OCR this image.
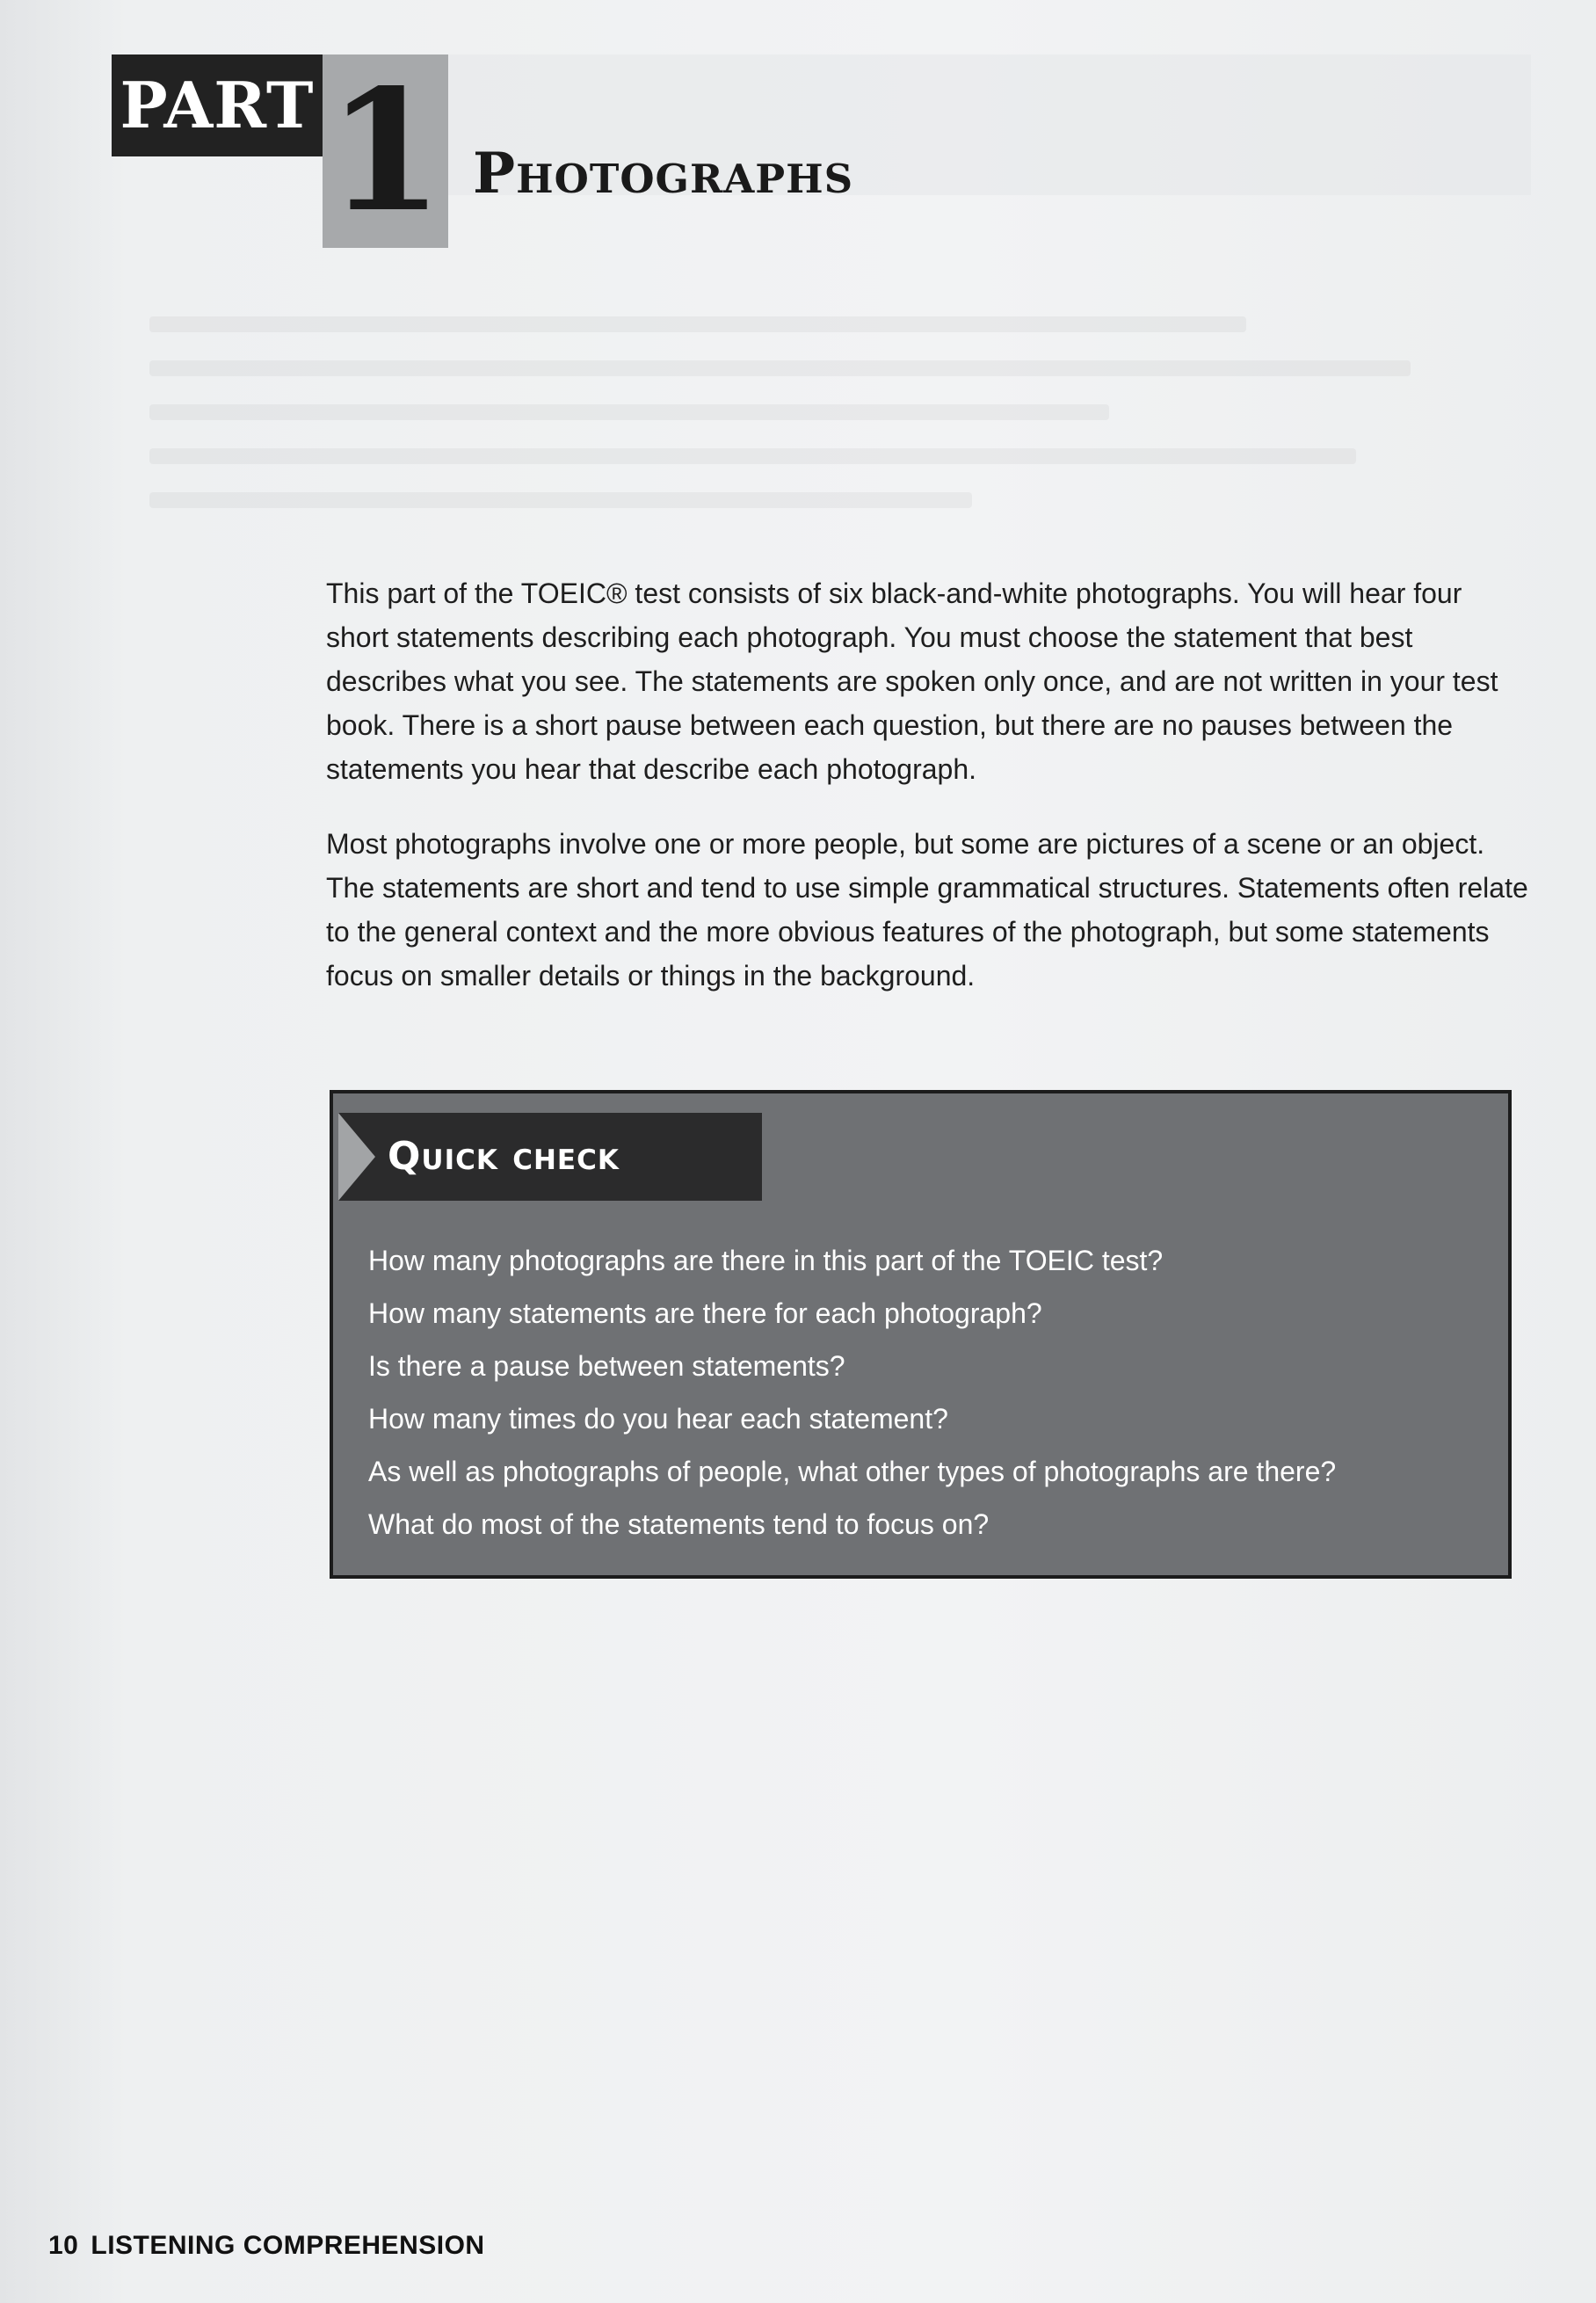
PART 1 Photographs
This part of the TOEIC® test consists of six black-and-white photographs. You will hear four short statements describing each photograph. You must choose the statement that best describes what you see. The statements are spoken only once, and are not written in your test book. There is a short pause between each question, but there are no pauses between the statements you hear that describe each photograph.
Most photographs involve one or more people, but some are pictures of a scene or an object. The statements are short and tend to use simple grammatical structures. Statements often relate to the general context and the more obvious features of the photograph, but some statements focus on smaller details or things in the background.
Quick check
How many photographs are there in this part of the TOEIC test?
How many statements are there for each photograph?
Is there a pause between statements?
How many times do you hear each statement?
As well as photographs of people, what other types of photographs are there?
What do most of the statements tend to focus on?
10 LISTENING COMPREHENSION
